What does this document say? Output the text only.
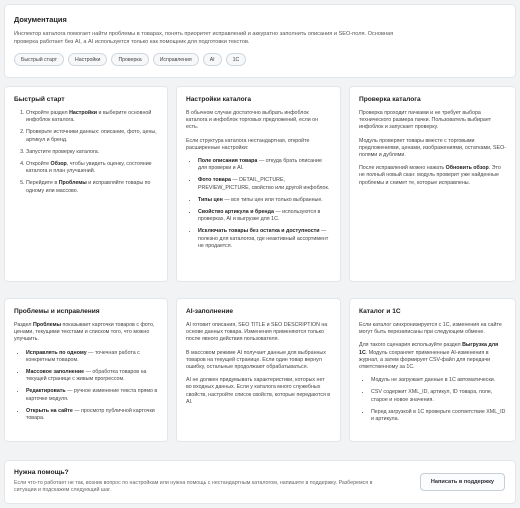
Документация
Инспектор каталога помогает найти проблемы в товарах, понять приоритет исправлений и аккуратно заполнить описания и SEO-поля. Основная проверка работает без AI, а AI используется только как помощник для подготовки текстов.
Быстрый старт	Настройки	Проверка	Исправления	AI	1С
Быстрый старт
1. Откройте раздел Настройки и выберите основной инфоблок каталога.
2. Проверьте источники данных: описание, фото, цены, артикул и бренд.
3. Запустите проверку каталога.
4. Откройте Обзор, чтобы увидеть оценку, состояние каталога и план улучшений.
5. Перейдите в Проблемы и исправляйте товары по одному или массово.
Настройки каталога

В обычном случае достаточно выбрать инфоблок каталога и инфоблок торговых предложений, если он есть.

Если структура каталога нестандартная, откройте расширенные настройки:

• Поле описания товара — откуда брать описание для проверки и AI.
• Фото товара — DETAIL_PICTURE, PREVIEW_PICTURE, свойство или другой инфоблок.
• Типы цен — все типы цен или только выбранные.
• Свойство артикула и бренда — используются в проверках, AI и выгрузке для 1С.
• Исключать товары без остатка и доступности — полезно для каталогов, где неактивный ассортимент не продается.
Проверка каталога

Проверка проходит пачками и не требует выбора технического размера пачки. Пользователь выбирает инфоблок и запускает проверку.

Модуль проверяет товары вместе с торговыми предложениями, ценами, изображениями, остатками, SEO-полями и дублями.

После исправлений можно нажать Обновить обзор. Это не полный новый скан: модуль проверит уже найденные проблемы и снимет те, которые исправлены.

Проблемы и исправления

Раздел Проблемы показывает карточки товаров с фото, ценами, текущими текстами и списком того, что можно улучшить.

• Исправлять по одному — точечная работа с конкретным товаром.
• Массовое заполнение — обработка товаров на текущей странице с живым прогрессом.
• Редактировать — ручное изменение текста прямо в карточке модуля.
• Открыть на сайте — просмотр публичной карточки товара.
AI-заполнение

AI готовит описания, SEO TITLE и SEO DESCRIPTION на основе данных товара. Изменения применяются только после явного действия пользователя.

В массовом режиме AI получает данные для выбранных товаров на текущей странице. Если один товар вернул ошибку, остальные продолжают обрабатываться.

AI не должен придумывать характеристики, которых нет во входных данных. Если у каталога много служебных свойств, настройте список свойств, которые передаются в AI.

Каталог и 1С

Если каталог синхронизируется с 1С, изменения на сайте могут быть перезаписаны при следующем обмене.

Для такого сценария используйте раздел Выгрузка для 1С. Модуль сохраняет примененные AI-изменения в журнал, а затем формирует CSV-файл для передачи ответственному за 1С.

• Модуль не загружает данные в 1С автоматически.
• CSV содержит XML_ID, артикул, ID товара, поле, старое и новое значения.
• Перед загрузкой в 1С проверьте соответствие XML_ID и артикула.
Нужна помощь?
Если что-то работает не так, возник вопрос по настройкам или нужна помощь с нестандартным каталогом, напишите в поддержку. Разберемся в ситуации и подскажем следующий шаг.
Написать в поддержку
